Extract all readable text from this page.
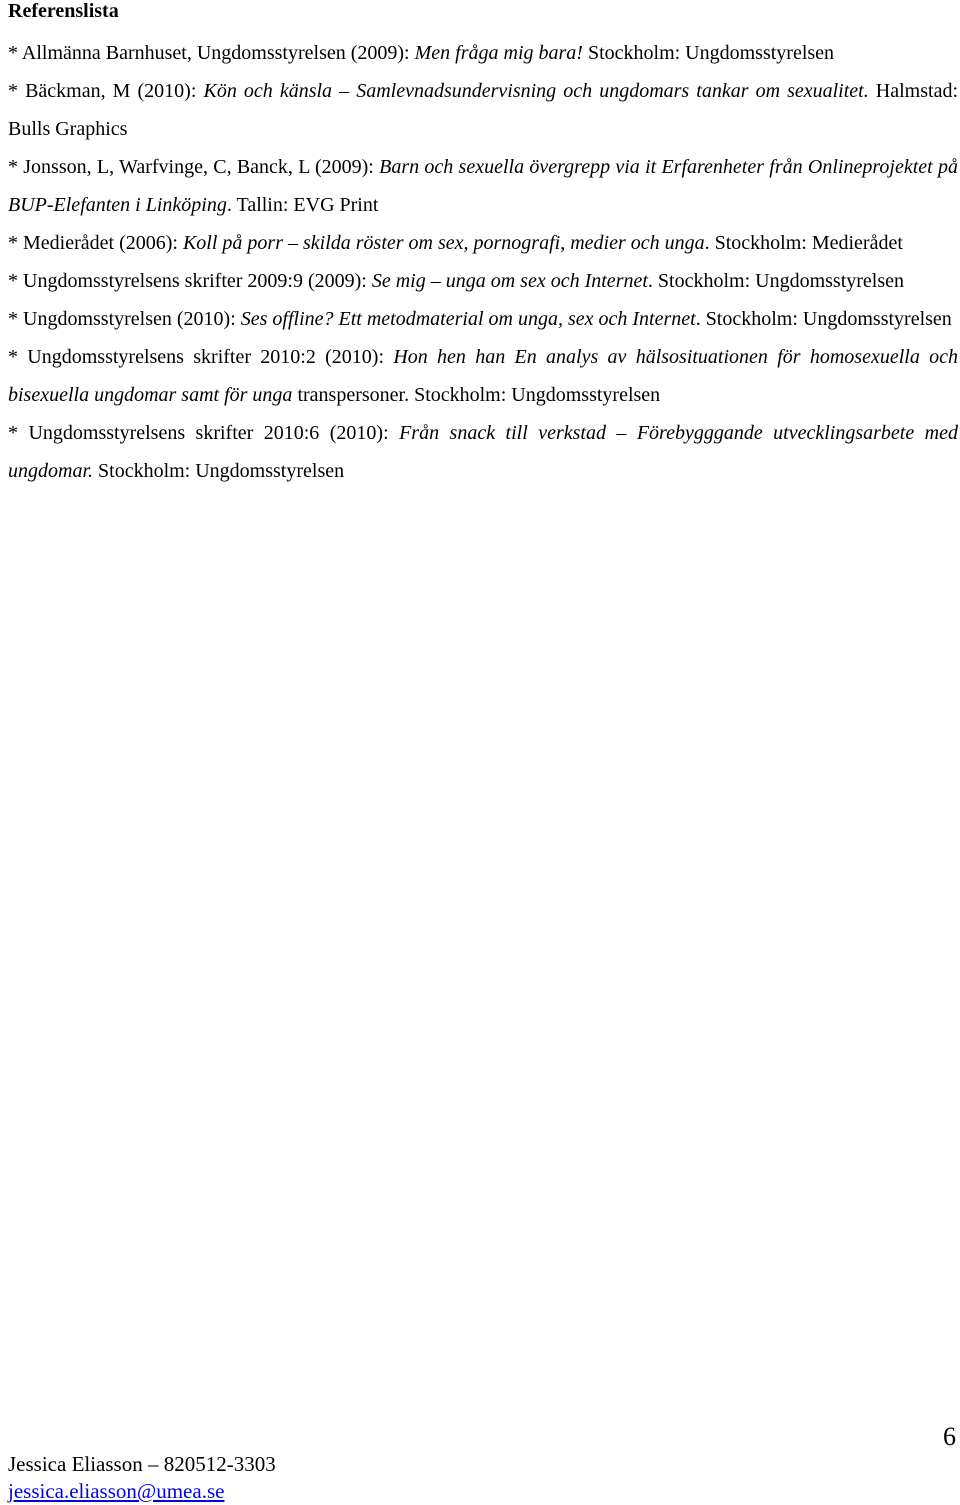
Referenslista

* Allmänna Barnhuset, Ungdomsstyrelsen (2009): Men fråga mig bara! Stockholm: Ungdomsstyrelsen

* Bäckman, M (2010): Kön och känsla – Samlevnadsundervisning och ungdomars tankar om sexualitet. Halmstad: Bulls Graphics

* Jonsson, L, Warfvinge, C, Banck, L (2009): Barn och sexuella övergrepp via it Erfarenheter från Onlineprojektet på BUP-Elefanten i Linköping. Tallin: EVG Print

* Medierådet (2006): Koll på porr – skilda röster om sex, pornografi, medier och unga. Stockholm: Medierådet

* Ungdomsstyrelsens skrifter 2009:9 (2009): Se mig – unga om sex och Internet. Stockholm: Ungdomsstyrelsen

* Ungdomsstyrelsen (2010): Ses offline? Ett metodmaterial om unga, sex och Internet. Stockholm: Ungdomsstyrelsen

* Ungdomsstyrelsens skrifter 2010:2 (2010): Hon hen han En analys av hälsosituationen för homosexuella och bisexuella ungdomar samt för unga transpersoner. Stockholm: Ungdomsstyrelsen

* Ungdomsstyrelsens skrifter 2010:6 (2010): Från snack till verkstad – Förebygggande utvecklingsarbete med ungdomar. Stockholm: Ungdomsstyrelsen

6
Jessica Eliasson – 820512-3303
jessica.eliasson@umea.se
